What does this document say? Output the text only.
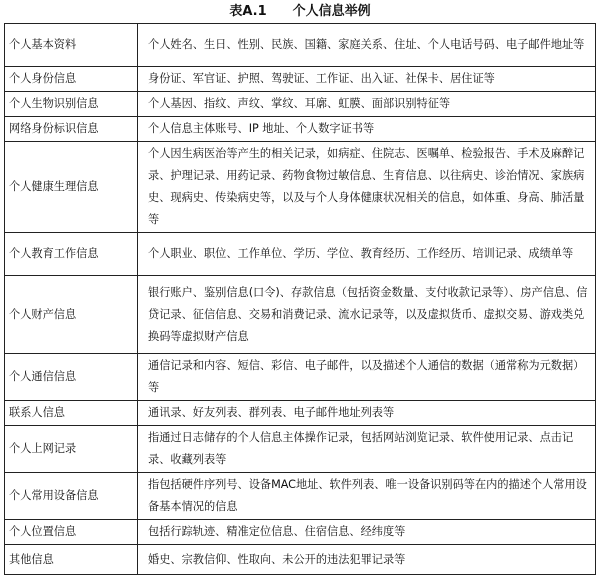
表A.1 个人信息举例
个人基本资料	个人姓名、生日、性别、民族、国籍、家庭关系、住址、个人电话号码、电子邮件地址等
个人身份信息	身份证、军官证、护照、驾驶证、工作证、出入证、社保卡、居住证等
个人生物识别信息	个人基因、指纹、声纹、掌纹、耳廓、虹膜、面部识别特征等
网络身份标识信息	个人信息主体账号、IP 地址、个人数字证书等
个人健康生理信息	个人因生病医治等产生的相关记录，如病症、住院志、医嘱单、检验报告、手术及麻醉记录、护理记录、用药记录、药物食物过敏信息、生育信息、以往病史、诊治情况、家族病史、现病史、传染病史等，以及与个人身体健康状况相关的信息，如体重、身高、肺活量等
个人教育工作信息	个人职业、职位、工作单位、学历、学位、教育经历、工作经历、培训记录、成绩单等
个人财产信息	银行账户、鉴别信息(口令)、存款信息（包括资金数量、支付收款记录等）、房产信息、信贷记录、征信信息、交易和消费记录、流水记录等，以及虚拟货币、虚拟交易、游戏类兑换码等虚拟财产信息
个人通信信息	通信记录和内容、短信、彩信、电子邮件，以及描述个人通信的数据（通常称为元数据）等
联系人信息	通讯录、好友列表、群列表、电子邮件地址列表等
个人上网记录	指通过日志储存的个人信息主体操作记录，包括网站浏览记录、软件使用记录、点击记录、收藏列表等
个人常用设备信息	指包括硬件序列号、设备MAC地址、软件列表、唯一设备识别码等在内的描述个人常用设备基本情况的信息
个人位置信息	包括行踪轨迹、精准定位信息、住宿信息、经纬度等
其他信息	婚史、宗教信仰、性取向、未公开的违法犯罪记录等
